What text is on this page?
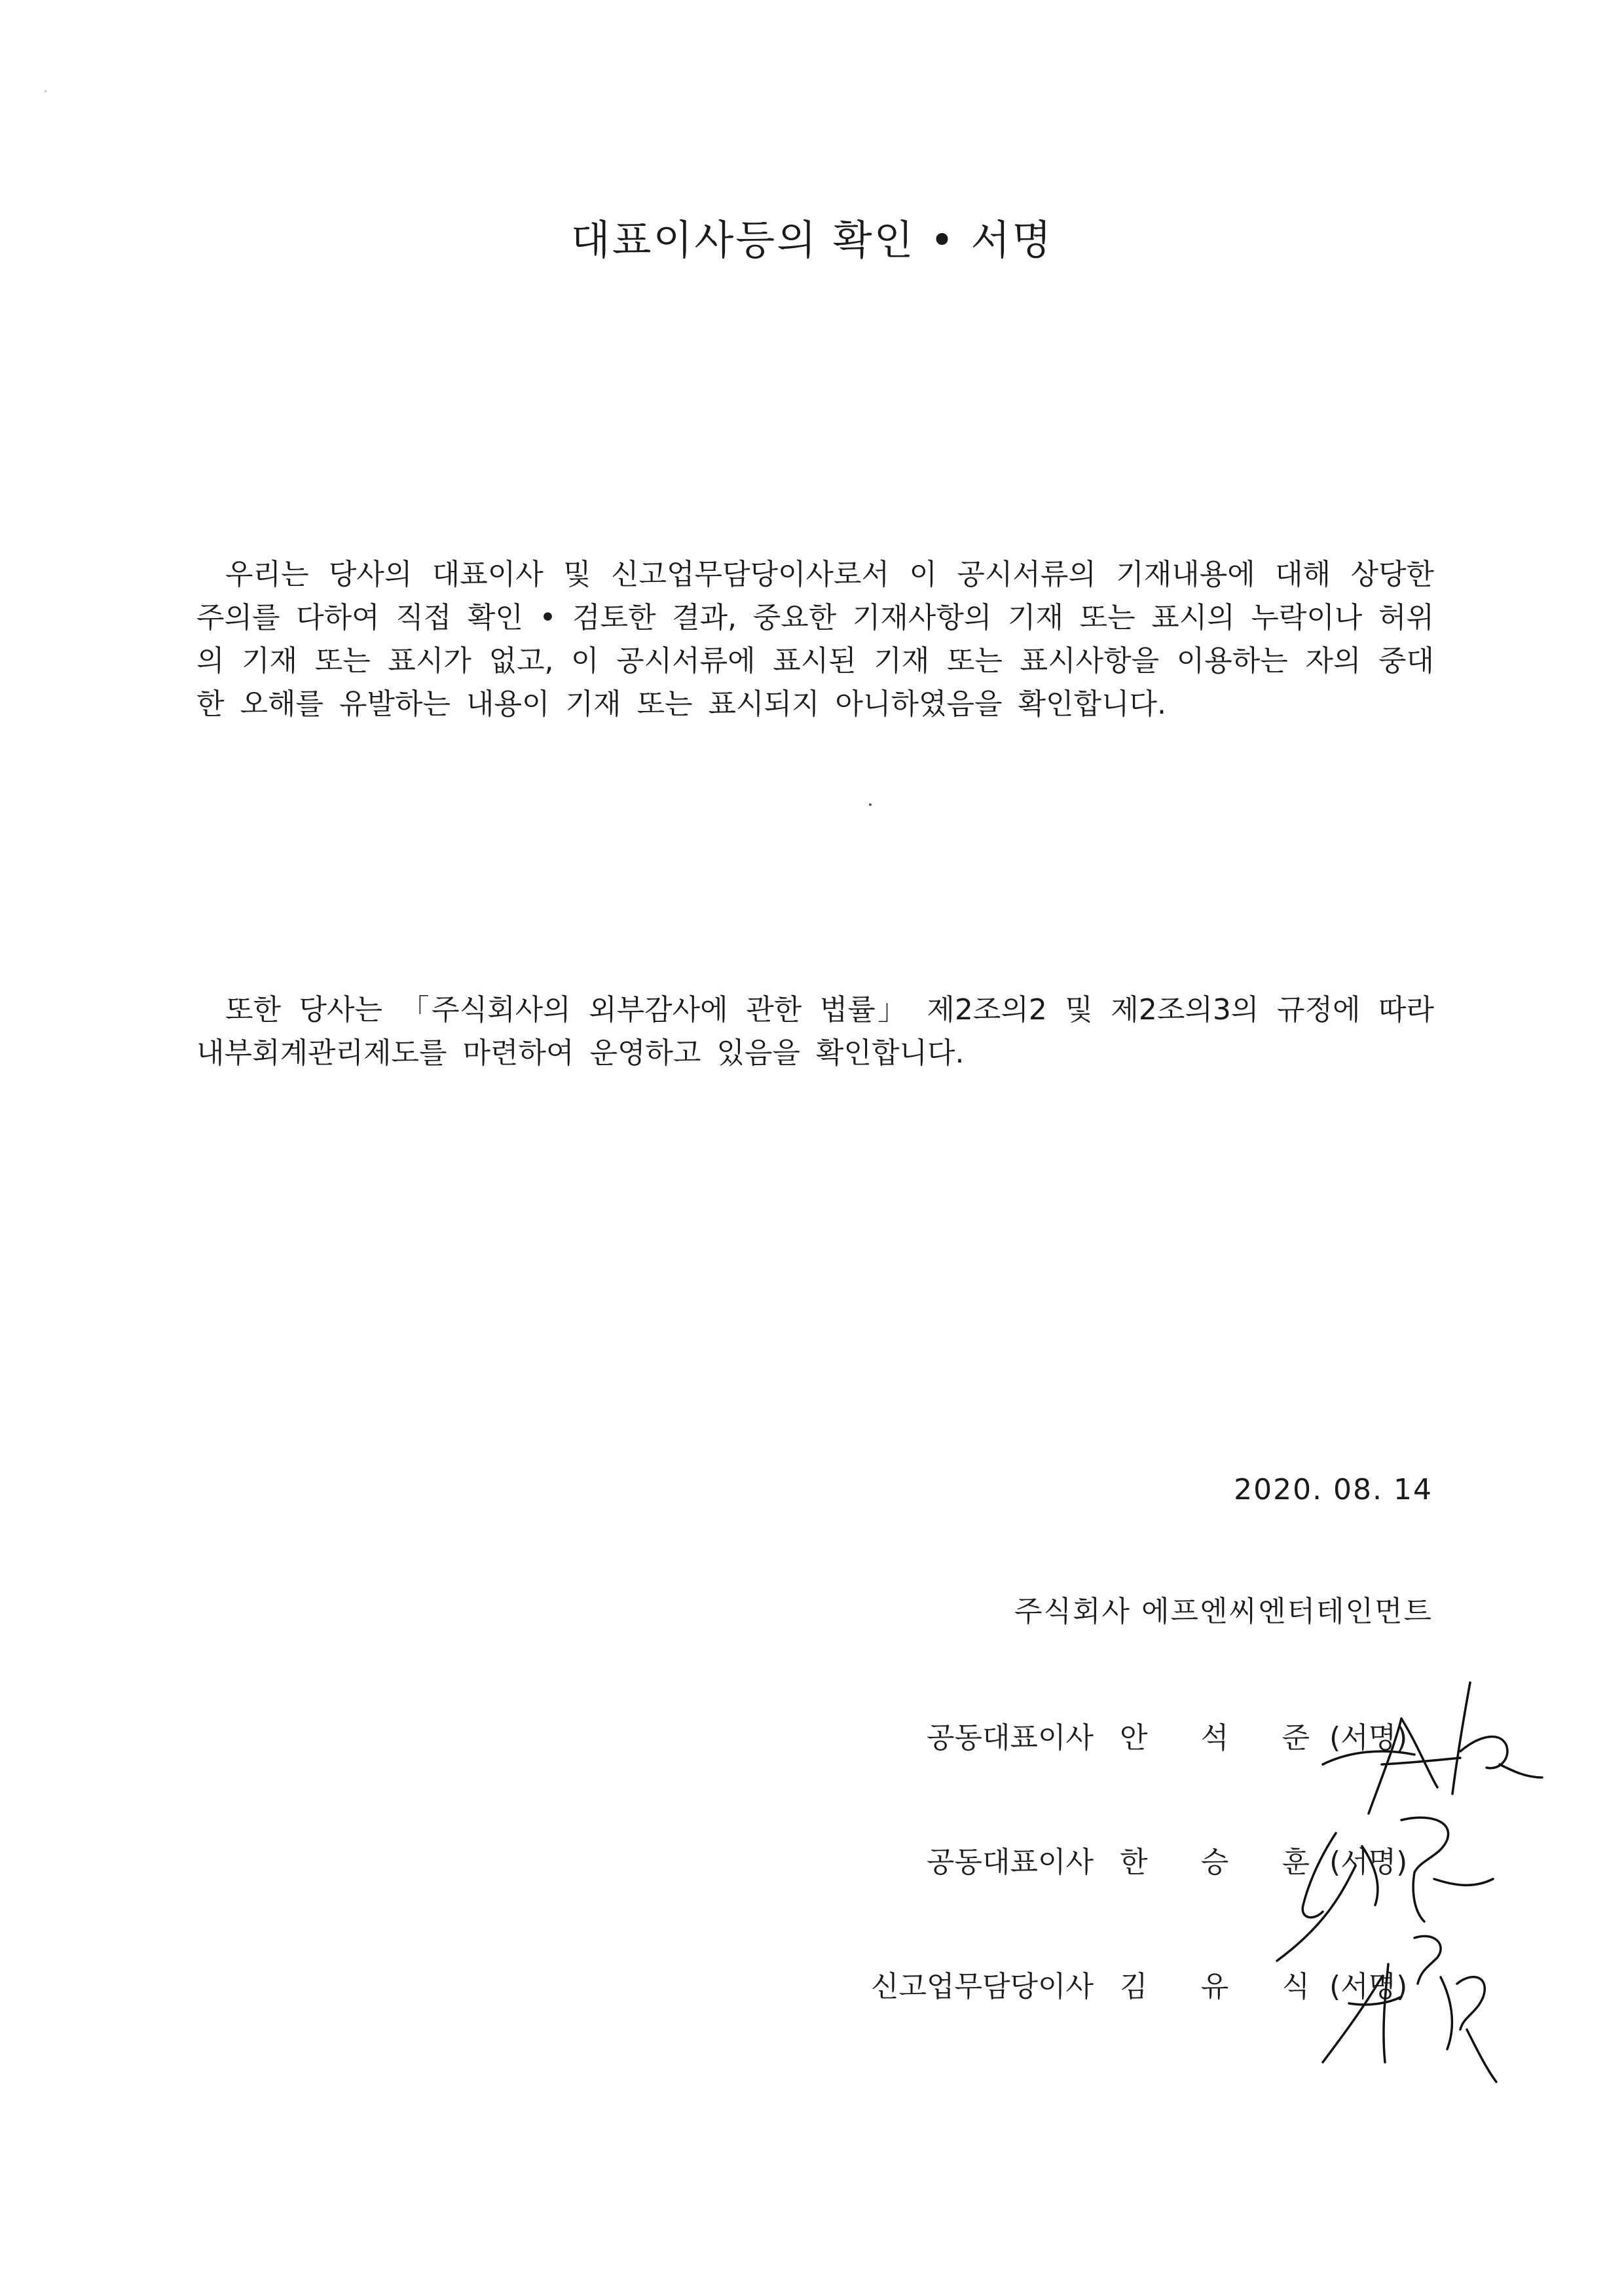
대표이사등의 확인 • 서명

우리는 당사의 대표이사 및 신고업무담당이사로서 이 공시서류의 기재내용에 대해 상당한 주의를 다하여 직접 확인 • 검토한 결과, 중요한 기재사항의 기재 또는 표시의 누락이나 허위의 기재 또는 표시가 없고, 이 공시서류에 표시된 기재 또는 표시사항을 이용하는 자의 중대한 오해를 유발하는 내용이 기재 또는 표시되지 아니하였음을 확인합니다.

또한 당사는 「주식회사의 외부감사에 관한 법률」 제2조의2 및 제2조의3의 규정에 따라 내부회계관리제도를 마련하여 운영하고 있음을 확인합니다.

2020. 08. 14
주식회사 에프엔씨엔터테인먼트
공동대표이사 안 석 준 (서명)
공동대표이사 한 승 훈 (서명)
신고업무담당이사 김 유 식 (서명)
